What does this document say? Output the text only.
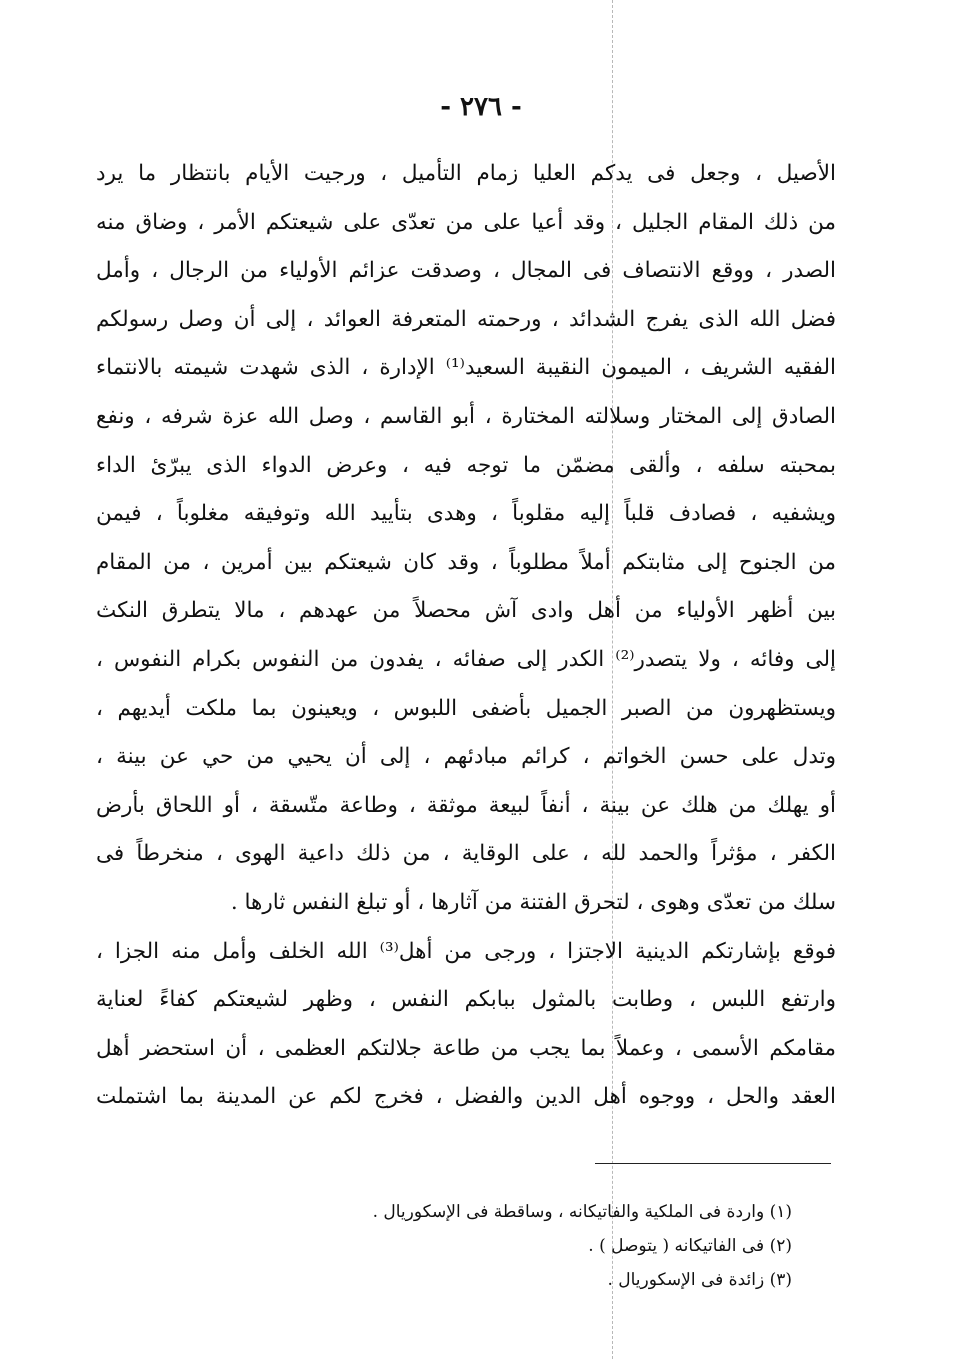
- ٢٧٦ -
الأصيل ، وجعل فى يدكم العليا زمام التأميل ، ورجيت الأيام بانتظار ما يرد
من ذلك المقام الجليل ، وقد أعيا على من تعدّى على شيعتكم الأمر ، وضاق منه
الصدر ، ووقع الانتصاف فى المجال ، وصدقت عزائم الأولياء من الرجال ، وأمل
فضل الله الذى يفرج الشدائد ، ورحمته المتعرفة العوائد ، إلى أن وصل رسولكم
الفقيه الشريف ، الميمون النقيبة السعيد⁽¹⁾ الإدارة ، الذى شهدت شيمته بالانتماء
الصادق إلى المختار وسلالته المختارة ، أبو القاسم ، وصل الله عزة شرفه ، ونفع
بمحبته سلفه ، وألقى مضمّن ما توجه فيه ، وعرض الدواء الذى يبرّئ الداء
ويشفيه ، فصادف قلباً إليه مقلوباً ، وهدى بتأييد الله وتوفيقه مغلوباً ، فيمن
من الجنوح إلى مثابتكم أملاً مطلوباً ، وقد كان شيعتكم بين أمرين ، من المقام
بين أظهر الأولياء من أهل وادى آش محصلاً من عهدهم ، مالا يتطرق النكث
إلى وفائه ، ولا يتصدر⁽²⁾ الكدر إلى صفائه ، يفدون من النفوس بكرام النفوس ،
ويستظهرون من الصبر الجميل بأضفى اللبوس ، ويعينون بما ملكت أيديهم ،
وتدل على حسن الخواتم ، كرائم مبادئهم ، إلى أن يحيي من حي عن بينة ،
أو يهلك من هلك عن بينة ، أنفاً لبيعة موثقة ، وطاعة متّسقة ، أو اللحاق بأرض
الكفر ، مؤثراً والحمد لله ، على الوقاية ، من ذلك داعية الهوى ، منخرطاً فى
سلك من تعدّى وهوى ، لتحرق الفتنة من آثارها ، أو تبلغ النفس ثارها .
فوقع بإشارتكم الدينية الاجتزا ، ورجى من أهل⁽³⁾ الله الخلف وأمل منه الجزا ،
وارتفع اللبس ، وطابت بالمثول ببابكم النفس ، وظهر لشيعتكم كفاءً لعناية
مقامكم الأسمى ، وعملاً بما يجب من طاعة جلالتكم العظمى ، أن استحضر أهل
العقد والحل ، ووجوه أهل الدين والفضل ، فخرج لكم عن المدينة بما اشتملت
(١) واردة فى الملكية والفاتيكانه ، وساقطة فى الإسكوريال .
(٢) فى الفاتيكانه ( يتوصل ) .
(٣) زائدة فى الإسكوريال .
